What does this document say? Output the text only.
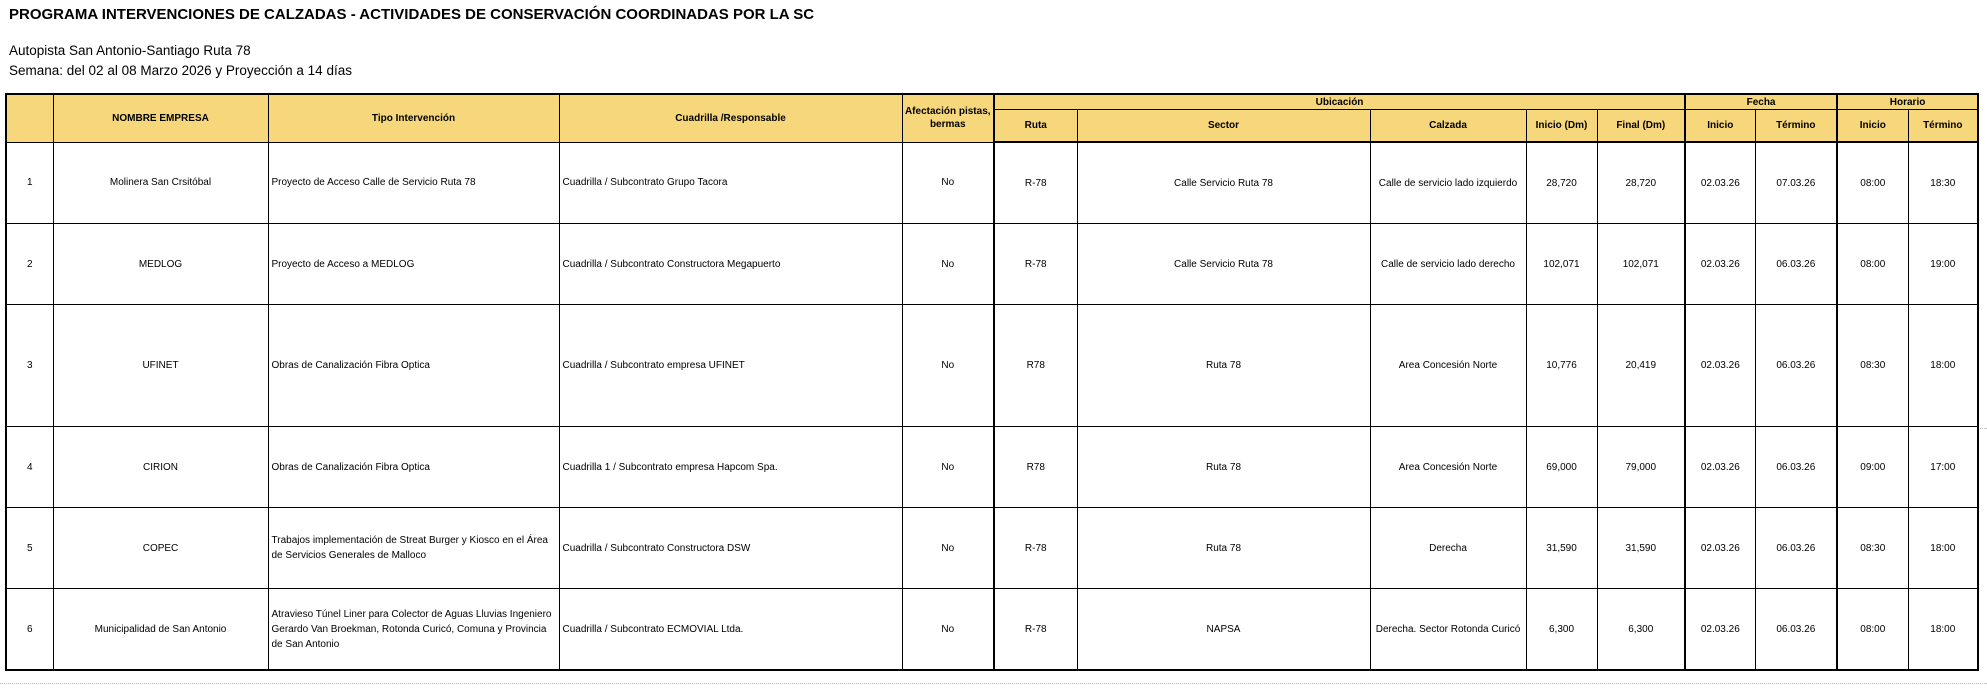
PROGRAMA INTERVENCIONES DE CALZADAS - ACTIVIDADES DE CONSERVACIÓN COORDINADAS POR LA SC
Autopista San Antonio-Santiago Ruta 78
Semana: del 02 al 08 Marzo 2026 y Proyección a 14 días
	NOMBRE EMPRESA	Tipo Intervención	Cuadrilla /Responsable	Afectación pistas, bermas	Ubicación					Fecha		Horario	
					Ruta	Sector	Calzada	Inicio (Dm)	Final (Dm)	Inicio	Término	Inicio	Término
1	Molinera San Crsitóbal	Proyecto de Acceso Calle de Servicio Ruta 78	Cuadrilla / Subcontrato Grupo Tacora	No	R-78	Calle Servicio Ruta 78	Calle de servicio lado izquierdo	28,720	28,720	02.03.26	07.03.26	08:00	18:30
2	MEDLOG	Proyecto de Acceso a MEDLOG	Cuadrilla / Subcontrato Constructora Megapuerto	No	R-78	Calle Servicio Ruta 78	Calle de servicio lado derecho	102,071	102,071	02.03.26	06.03.26	08:00	19:00
3	UFINET	Obras de Canalización Fibra Optica	Cuadrilla / Subcontrato empresa UFINET	No	R78	Ruta 78	Area Concesión Norte	10,776	20,419	02.03.26	06.03.26	08:30	18:00
4	CIRION	Obras de Canalización Fibra Optica	Cuadrilla 1 / Subcontrato empresa Hapcom Spa.	No	R78	Ruta 78	Area Concesión Norte	69,000	79,000	02.03.26	06.03.26	09:00	17:00
5	COPEC	Trabajos implementación de Streat Burger y Kiosco en el Área de Servicios Generales de Malloco	Cuadrilla / Subcontrato Constructora DSW	No	R-78	Ruta 78	Derecha	31,590	31,590	02.03.26	06.03.26	08:30	18:00
6	Municipalidad de San Antonio	Atravieso Túnel Liner para Colector de Aguas Lluvias Ingeniero Gerardo Van Broekman, Rotonda Curicó, Comuna y Provincia de San Antonio	Cuadrilla / Subcontrato ECMOVIAL Ltda.	No	R-78	NAPSA	Derecha. Sector Rotonda Curicó	6,300	6,300	02.03.26	06.03.26	08:00	18:00
